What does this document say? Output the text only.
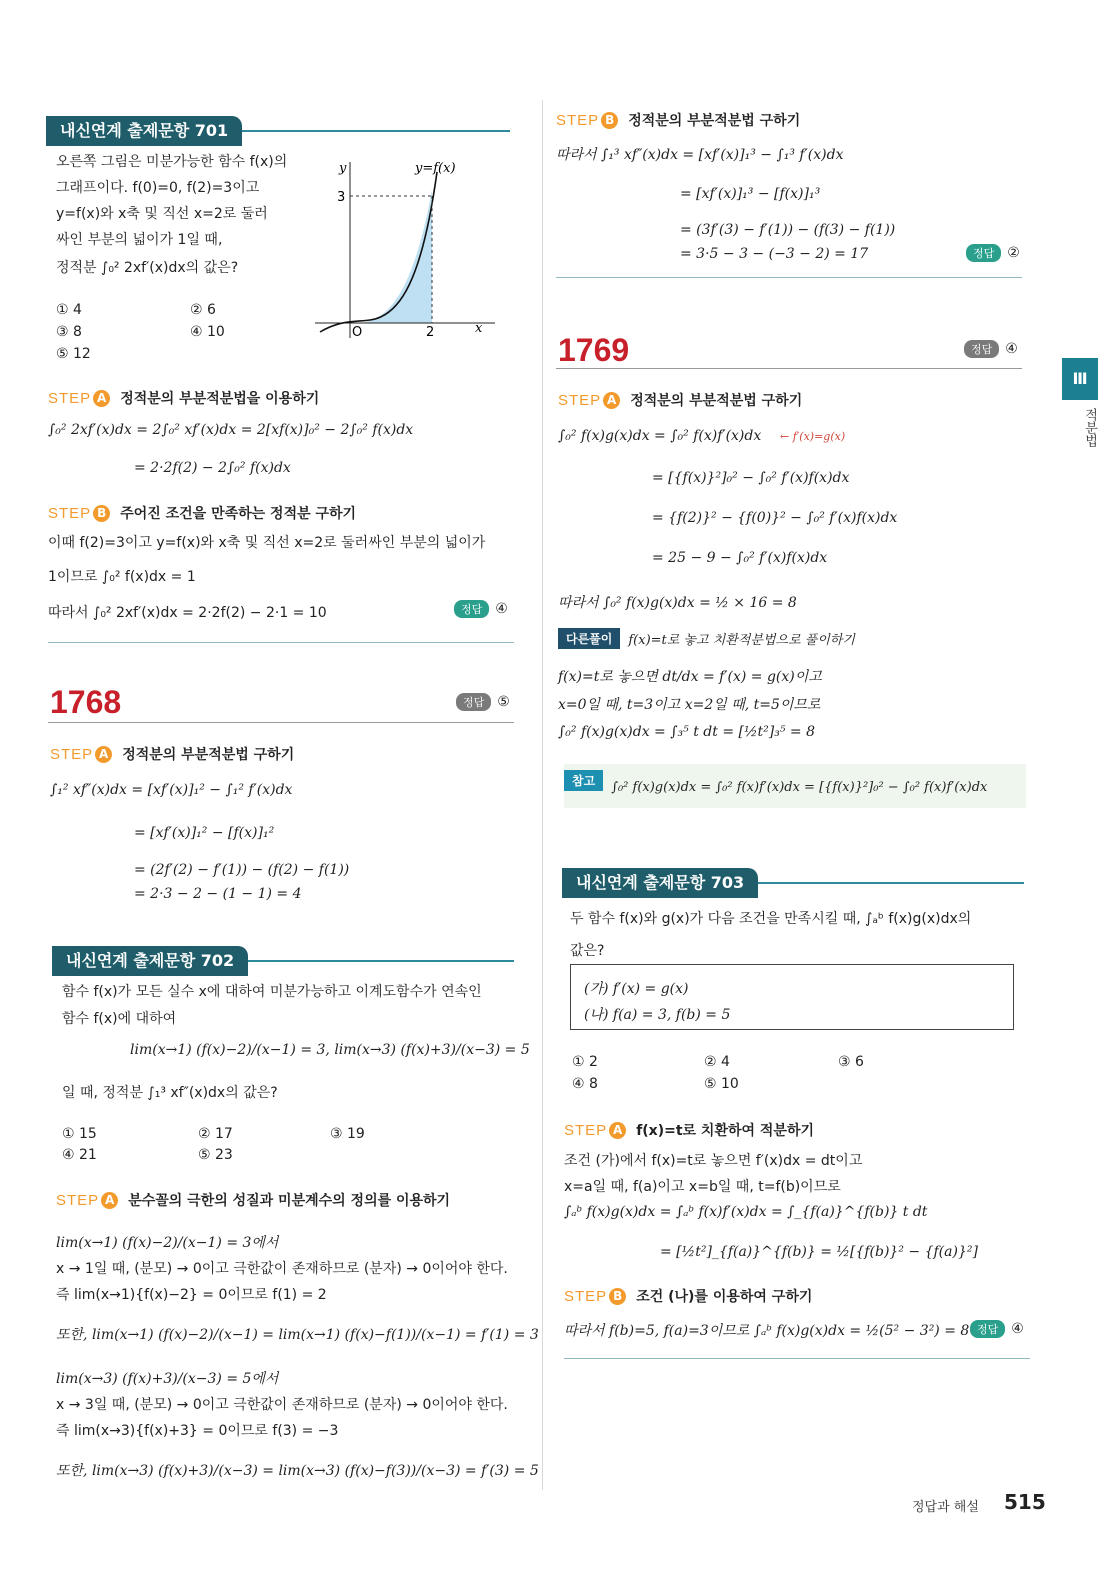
내신연계 출제문항 701
오른쪽 그림은 미분가능한 함수 f(x)의
그래프이다. f(0)=0, f(2)=3이고
y=f(x)와 x축 및 직선 x=2로 둘러
싸인 부분의 넓이가 1일 때,
정적분 ∫₀² 2xf′(x)dx의 값은?
y	y=f(x)
3
O	2	x
① 4	② 6
③ 8	④ 10
⑤ 12
STEP A 정적분의 부분적분법을 이용하기
∫₀² 2xf′(x)dx = 2∫₀² xf′(x)dx = 2[xf(x)]₀² − 2∫₀² f(x)dx
= 2·2f(2) − 2∫₀² f(x)dx
STEP B 주어진 조건을 만족하는 정적분 구하기
이때 f(2)=3이고 y=f(x)와 x축 및 직선 x=2로 둘러싸인 부분의 넓이가
1이므로 ∫₀² f(x)dx = 1
따라서 ∫₀² 2xf′(x)dx = 2·2f(2) − 2·1 = 10	정답 ④
1768	정답 ⑤
STEP A 정적분의 부분적분법 구하기
∫₁² xf″(x)dx = [xf′(x)]₁² − ∫₁² f′(x)dx
= [xf′(x)]₁² − [f(x)]₁²
= (2f′(2) − f′(1)) − (f(2) − f(1))
= 2·3 − 2 − (1 − 1) = 4
내신연계 출제문항 702
함수 f(x)가 모든 실수 x에 대하여 미분가능하고 이계도함수가 연속인
함수 f(x)에 대하여
lim(x→1) (f(x)−2)/(x−1) = 3, lim(x→3) (f(x)+3)/(x−3) = 5
일 때, 정적분 ∫₁³ xf″(x)dx의 값은?
① 15	② 17	③ 19
④ 21	⑤ 23
STEP A 분수꼴의 극한의 성질과 미분계수의 정의를 이용하기
lim(x→1) (f(x)−2)/(x−1) = 3에서
x → 1일 때, (분모) → 0이고 극한값이 존재하므로 (분자) → 0이어야 한다.
즉 lim(x→1){f(x)−2} = 0이므로 f(1) = 2
또한, lim(x→1) (f(x)−2)/(x−1) = lim(x→1) (f(x)−f(1))/(x−1) = f′(1) = 3
lim(x→3) (f(x)+3)/(x−3) = 5에서
x → 3일 때, (분모) → 0이고 극한값이 존재하므로 (분자) → 0이어야 한다.
즉 lim(x→3){f(x)+3} = 0이므로 f(3) = −3
또한, lim(x→3) (f(x)+3)/(x−3) = lim(x→3) (f(x)−f(3))/(x−3) = f′(3) = 5
STEP B 정적분의 부분적분법 구하기
따라서 ∫₁³ xf″(x)dx = [xf′(x)]₁³ − ∫₁³ f′(x)dx
= [xf′(x)]₁³ − [f(x)]₁³
= (3f′(3) − f′(1)) − (f(3) − f(1))
= 3·5 − 3 − (−3 − 2) = 17	정답 ②
1769	정답 ④
STEP A 정적분의 부분적분법 구하기
∫₀² f(x)g(x)dx = ∫₀² f(x)f′(x)dx ← f′(x)=g(x)
= [{f(x)}²]₀² − ∫₀² f′(x)f(x)dx
= {f(2)}² − {f(0)}² − ∫₀² f′(x)f(x)dx
= 25 − 9 − ∫₀² f′(x)f(x)dx
따라서 ∫₀² f(x)g(x)dx = ½ × 16 = 8
다른풀이	f(x)=t로 놓고 치환적분법으로 풀이하기
f(x)=t로 놓으면 dt/dx = f′(x) = g(x)이고
x=0일 때, t=3이고 x=2일 때, t=5이므로
∫₀² f(x)g(x)dx = ∫₃⁵ t dt = [½t²]₃⁵ = 8
참고	∫₀² f(x)g(x)dx = ∫₀² f(x)f′(x)dx = [{f(x)}²]₀² − ∫₀² f(x)f′(x)dx
내신연계 출제문항 703
두 함수 f(x)와 g(x)가 다음 조건을 만족시킬 때, ∫ₐᵇ f(x)g(x)dx의
값은?
(가) f′(x) = g(x)
(나) f(a) = 3, f(b) = 5
① 2	② 4	③ 6
④ 8	⑤ 10
STEP A f(x)=t로 치환하여 적분하기
조건 (가)에서 f(x)=t로 놓으면 f′(x)dx = dt이고
x=a일 때, f(a)이고 x=b일 때, t=f(b)이므로
∫ₐᵇ f(x)g(x)dx = ∫ₐᵇ f(x)f′(x)dx = ∫_{f(a)}^{f(b)} t dt
= [½t²]_{f(a)}^{f(b)} = ½[{f(b)}² − {f(a)}²]
STEP B 조건 (나)를 이용하여 구하기
따라서 f(b)=5, f(a)=3이므로 ∫ₐᵇ f(x)g(x)dx = ½(5² − 3²) = 8 정답 ④
Ⅲ
적분법
정답과 해설 515
